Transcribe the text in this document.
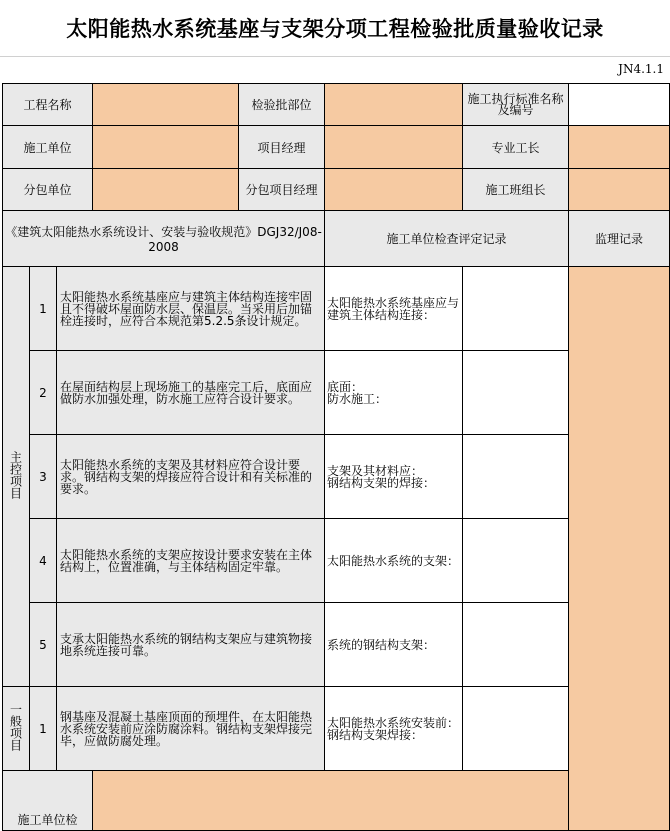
太阳能热水系统基座与支架分项工程检验批质量验收记录
JN4.1.1
工程名称				检验批部位		施工执行标准名称及编号	
施工单位				项目经理		专业工长	
分包单位				分包项目经理		施工班组长	
《建筑太阳能热水系统设计、安装与验收规范》DGJ32/J08-2008					施工单位检查评定记录		监理记录
主控项目	1	太阳能热水系统基座应与建筑主体结构连接牢固且不得破坏屋面防水层、保温层。当采用后加锚栓连接时，应符合本规范第5.2.5条设计规定。			太阳能热水系统基座应与建筑主体结构连接：		
	2	在屋面结构层上现场施工的基座完工后，底面应做防水加强处理，防水施工应符合设计要求。			底面：
防水施工：		
	3	太阳能热水系统的支架及其材料应符合设计要求。钢结构支架的焊接应符合设计和有关标准的要求。			支架及其材料应：
钢结构支架的焊接：		
	4	太阳能热水系统的支架应按设计要求安装在主体结构上，位置准确，与主体结构固定牢靠。			太阳能热水系统的支架：		
	5	支承太阳能热水系统的钢结构支架应与建筑物接地系统连接可靠。			系统的钢结构支架：		
一般项目	1	钢基座及混凝土基座顶面的预埋件，在太阳能热水系统安装前应涂防腐涂料。钢结构支架焊接完毕，应做防腐处理。			太阳能热水系统安装前：
钢结构支架焊接：		
施工单位检							
